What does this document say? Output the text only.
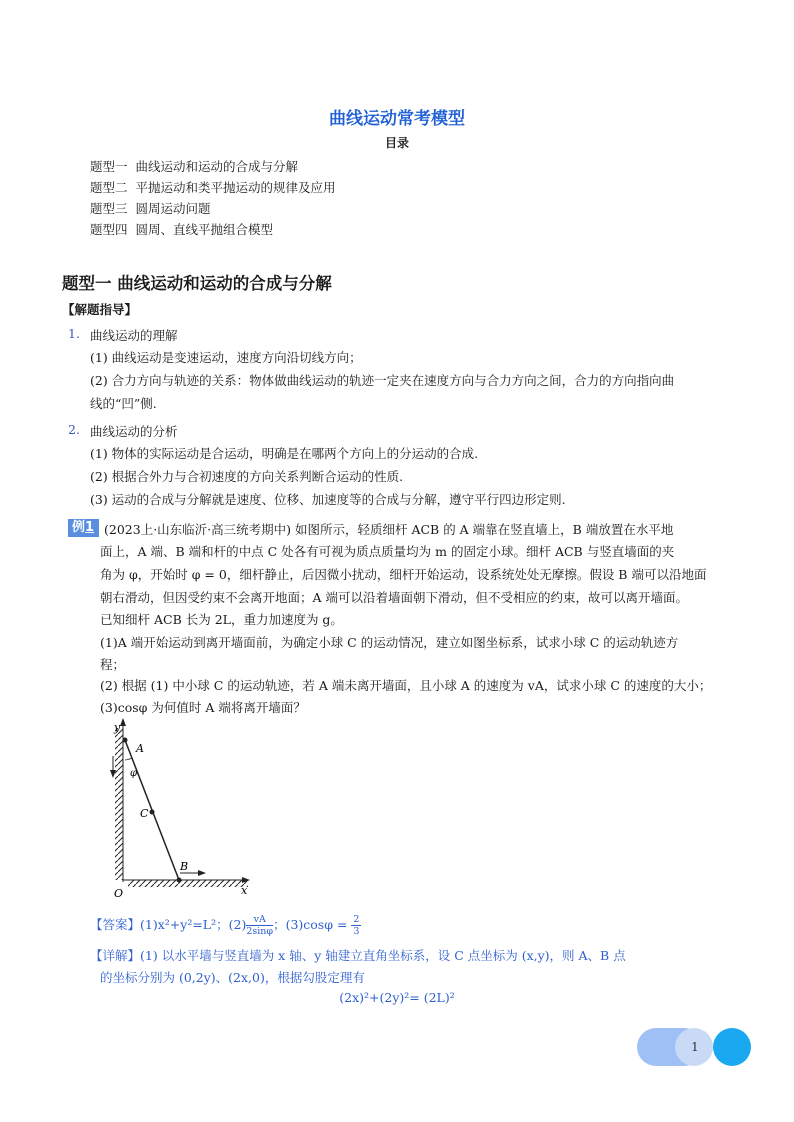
曲线运动常考模型
目录
题型一 曲线运动和运动的合成与分解
题型二 平抛运动和类平抛运动的规律及应用
题型三 圆周运动问题
题型四 圆周、直线平抛组合模型
题型一 曲线运动和运动的合成与分解
【解题指导】
1. 曲线运动的理解
(1) 曲线运动是变速运动，速度方向沿切线方向；
(2) 合力方向与轨迹的关系：物体做曲线运动的轨迹一定夹在速度方向与合力方向之间，合力的方向指向曲
线的“凹”侧.
2. 曲线运动的分析
(1) 物体的实际运动是合运动，明确是在哪两个方向上的分运动的合成.
(2) 根据合外力与合初速度的方向关系判断合运动的性质.
(3) 运动的合成与分解就是速度、位移、加速度等的合成与分解，遵守平行四边形定则.
例1 (2023上·山东临沂·高三统考期中) 如图所示，轻质细杆 ACB 的 A 端靠在竖直墙上，B 端放置在水平地
面上，A 端、B 端和杆的中点 C 处各有可视为质点质量均为 m 的固定小球。细杆 ACB 与竖直墙面的夹
角为 φ，开始时 φ = 0，细杆静止，后因微小扰动，细杆开始运动，设系统处处无摩擦。假设 B 端可以沿地面
朝右滑动，但因受约束不会离开地面；A 端可以沿着墙面朝下滑动，但不受相应的约束，故可以离开墙面。
已知细杆 ACB 长为 2L，重力加速度为 g。
(1)A 端开始运动到离开墙面前，为确定小球 C 的运动情况，建立如图坐标系，试求小球 C 的运动轨迹方
程；
(2) 根据 (1) 中小球 C 的运动轨迹，若 A 端未离开墙面，且小球 A 的速度为 vA，试求小球 C 的速度的大小；
(3)cosφ 为何值时 A 端将离开墙面？
y
A
φ
C
B
O	x
【答案】(1)x²+y²=L²；$(2) \frac{vA}{2\sin\varphi}$ ；$(3)\cos\varphi = \frac{2}{3}$
【详解】(1) 以水平墙与竖直墙为 x 轴、y 轴建立直角坐标系，设 C 点坐标为 (x,y)，则 A、B 点
的坐标分别为 (0,2y)、(2x,0)，根据勾股定理有
(2x)²+(2y)²= (2L)²
1
